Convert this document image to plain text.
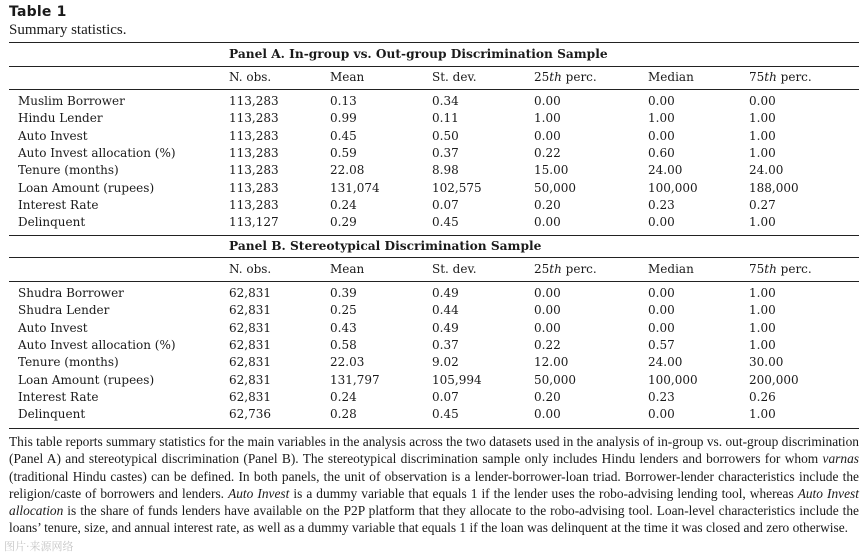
Table 1
Summary statistics.
Panel A. In-group vs. Out-group Discrimination Sample
N. obs.	Mean	St. dev.	25th perc.	Median	75th perc.
Muslim Borrower	113,283	0.13	0.34	0.00	0.00	0.00
Hindu Lender	113,283	0.99	0.11	1.00	1.00	1.00
Auto Invest	113,283	0.45	0.50	0.00	0.00	1.00
Auto Invest allocation (%)	113,283	0.59	0.37	0.22	0.60	1.00
Tenure (months)	113,283	22.08	8.98	15.00	24.00	24.00
Loan Amount (rupees)	113,283	131,074	102,575	50,000	100,000	188,000
Interest Rate	113,283	0.24	0.07	0.20	0.23	0.27
Delinquent	113,127	0.29	0.45	0.00	0.00	1.00
Panel B. Stereotypical Discrimination Sample
N. obs.	Mean	St. dev.	25th perc.	Median	75th perc.
Shudra Borrower	62,831	0.39	0.49	0.00	0.00	1.00
Shudra Lender	62,831	0.25	0.44	0.00	0.00	1.00
Auto Invest	62,831	0.43	0.49	0.00	0.00	1.00
Auto Invest allocation (%)	62,831	0.58	0.37	0.22	0.57	1.00
Tenure (months)	62,831	22.03	9.02	12.00	24.00	30.00
Loan Amount (rupees)	62,831	131,797	105,994	50,000	100,000	200,000
Interest Rate	62,831	0.24	0.07	0.20	0.23	0.26
Delinquent	62,736	0.28	0.45	0.00	0.00	1.00

This table reports summary statistics for the main variables in the analysis across the two datasets used in the analysis of in-group vs. out-group discrimination (Panel A) and stereotypical discrimination (Panel B). The stereotypical discrimination sample only includes Hindu lenders and borrowers for whom varnas (traditional Hindu castes) can be defined. In both panels, the unit of observation is a lender-borrower-loan triad. Borrower-lender characteristics include the religion/caste of borrowers and lenders. Auto Invest is a dummy variable that equals 1 if the lender uses the robo-advising lending tool, whereas Auto Invest allocation is the share of funds lenders have available on the P2P platform that they allocate to the robo-advising tool. Loan-level characteristics include the loans’ tenure, size, and annual interest rate, as well as a dummy variable that equals 1 if the loan was delinquent at the time it was closed and zero otherwise.

图片·来源网络
